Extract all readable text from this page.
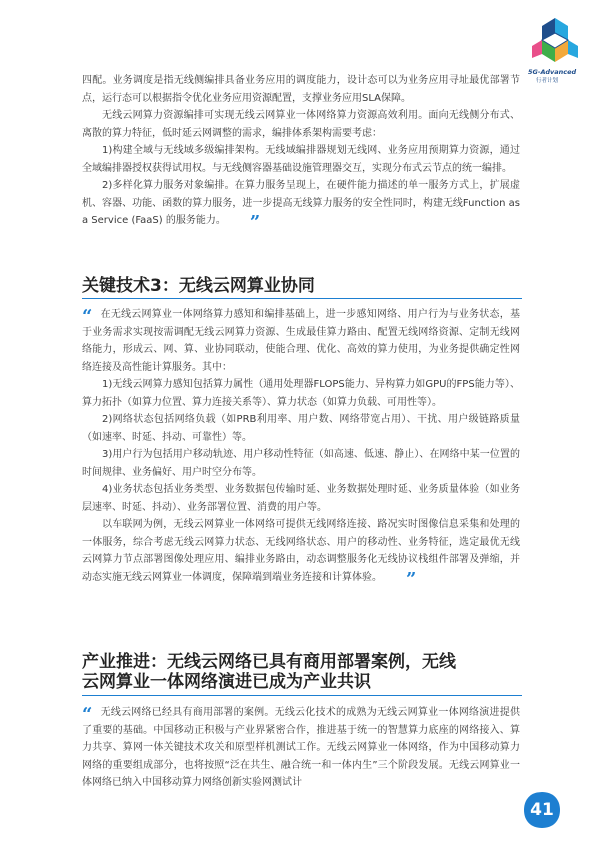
5G-Advanced
行者计划

四配。业务调度是指无线侧编排具备业务应用的调度能力，设计态可以为业务应用寻址最优部署节点，运行态可以根据指令优化业务应用资源配置，支撑业务应用SLA保障。

无线云网算力资源编排可实现无线云网算业一体网络算力资源高效利用。面向无线侧分布式、离散的算力特征，低时延云网调整的需求，编排体系架构需要考虑：

1)构建全域与无线域多级编排架构。无线域编排器规划无线网、业务应用预期算力资源，通过全域编排器授权获得试用权。与无线侧容器基础设施管理器交互，实现分布式云节点的统一编排。

2)多样化算力服务对象编排。在算力服务呈现上，在硬件能力描述的单一服务方式上，扩展虚机、容器、功能、函数的算力服务，进一步提高无线算力服务的安全性同时，构建无线Function as a Service (FaaS) 的服务能力。 ”

关键技术3：无线云网算业协同

“ 在无线云网算业一体网络算力感知和编排基础上，进一步感知网络、用户行为与业务状态，基于业务需求实现按需调配无线云网算力资源、生成最佳算力路由、配置无线网络资源、定制无线网络能力，形成云、网、算、业协同联动，使能合理、优化、高效的算力使用，为业务提供确定性网络连接及高性能计算服务。其中：

1)无线云网算力感知包括算力属性（通用处理器FLOPS能力、异构算力如GPU的FPS能力等）、算力拓扑（如算力位置、算力连接关系等）、算力状态（如算力负载、可用性等）。

2)网络状态包括网络负载（如PRB利用率、用户数、网络带宽占用）、干扰、用户级链路质量（如速率、时延、抖动、可靠性）等。

3)用户行为包括用户移动轨迹、用户移动性特征（如高速、低速、静止）、在网络中某一位置的时间规律、业务偏好、用户时空分布等。

4)业务状态包括业务类型、业务数据包传输时延、业务数据处理时延、业务质量体验（如业务层速率、时延、抖动）、业务部署位置、消费的用户等。

以车联网为例，无线云网算业一体网络可提供无线网络连接、路况实时图像信息采集和处理的一体服务，综合考虑无线云网算力状态、无线网络状态、用户的移动性、业务特征，选定最优无线云网算力节点部署图像处理应用、编排业务路由，动态调整服务化无线协议栈组件部署及弹缩，并动态实施无线云网算业一体调度，保障端到端业务连接和计算体验。 ”

产业推进：无线云网络已具有商用部署案例，无线
云网算业一体网络演进已成为产业共识

“ 无线云网络已经具有商用部署的案例。无线云化技术的成熟为无线云网算业一体网络演进提供了重要的基础。中国移动正积极与产业界紧密合作，推进基于统一的智慧算力底座的网络接入、算力共享、算网一体关键技术攻关和原型样机测试工作。无线云网算业一体网络，作为中国移动算力网络的重要组成部分，也将按照“泛在共生、融合统一和一体内生”三个阶段发展。无线云网算业一体网络已纳入中国移动算力网络创新实验网测试计

41
